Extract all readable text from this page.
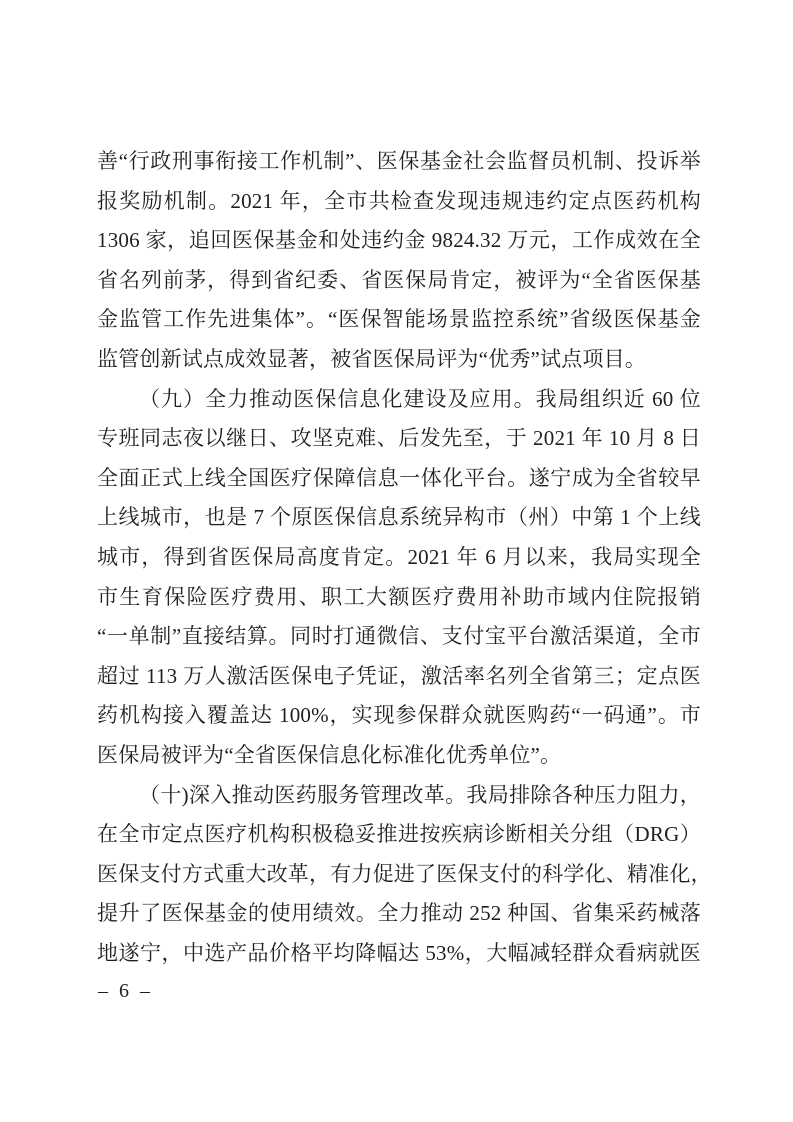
善“行政刑事衔接工作机制”、医保基金社会监督员机制、投诉举
报奖励机制。2021 年，全市共检查发现违规违约定点医药机构
1306 家，追回医保基金和处违约金 9824.32 万元，工作成效在全
省名列前茅，得到省纪委、省医保局肯定，被评为“全省医保基
金监管工作先进集体”。“医保智能场景监控系统”省级医保基金
监管创新试点成效显著，被省医保局评为“优秀”试点项目。
（九）全力推动医保信息化建设及应用。我局组织近 60 位
专班同志夜以继日、攻坚克难、后发先至，于 2021 年 10 月 8 日
全面正式上线全国医疗保障信息一体化平台。遂宁成为全省较早
上线城市，也是 7 个原医保信息系统异构市（州）中第 1 个上线
城市，得到省医保局高度肯定。2021 年 6 月以来，我局实现全
市生育保险医疗费用、职工大额医疗费用补助市域内住院报销
“一单制”直接结算。同时打通微信、支付宝平台激活渠道，全市
超过 113 万人激活医保电子凭证，激活率名列全省第三；定点医
药机构接入覆盖达 100%，实现参保群众就医购药“一码通”。市
医保局被评为“全省医保信息化标准化优秀单位”。
（十)深入推动医药服务管理改革。我局排除各种压力阻力，
在全市定点医疗机构积极稳妥推进按疾病诊断相关分组（DRG）
医保支付方式重大改革，有力促进了医保支付的科学化、精准化，
提升了医保基金的使用绩效。全力推动 252 种国、省集采药械落
地遂宁，中选产品价格平均降幅达 53%，大幅减轻群众看病就医
– 6 –
